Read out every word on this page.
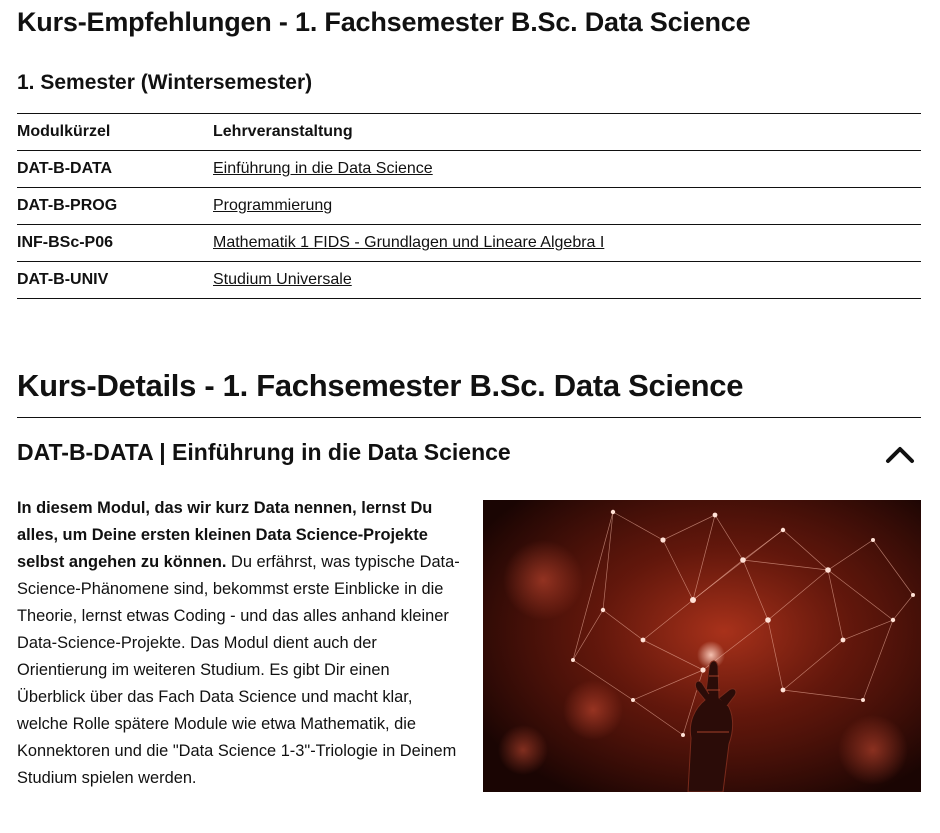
Kurs-Empfehlungen - 1. Fachsemester B.Sc. Data Science
1. Semester (Wintersemester)
Modulkürzel	Lehrveranstaltung
DAT-B-DATA	Einführung in die Data Science
DAT-B-PROG	Programmierung
INF-BSc-P06	Mathematik 1 FIDS - Grundlagen und Lineare Algebra I
DAT-B-UNIV	Studium Universale
Kurs-Details - 1. Fachsemester B.Sc. Data Science
DAT-B-DATA | Einführung in die Data Science

In diesem Modul, das wir kurz Data nennen, lernst Du alles, um Deine ersten kleinen Data Science-Projekte selbst angehen zu können. Du erfährst, was typische Data-Science-Phänomene sind, bekommst erste Einblicke in die Theorie, lernst etwas Coding - und das alles anhand kleiner Data-Science-Projekte. Das Modul dient auch der Orientierung im weiteren Studium. Es gibt Dir einen Überblick über das Fach Data Science und macht klar, welche Rolle spätere Module wie etwa Mathematik, die Konnektoren und die "Data Science 1-3"-Triologie in Deinem Studium spielen werden.
